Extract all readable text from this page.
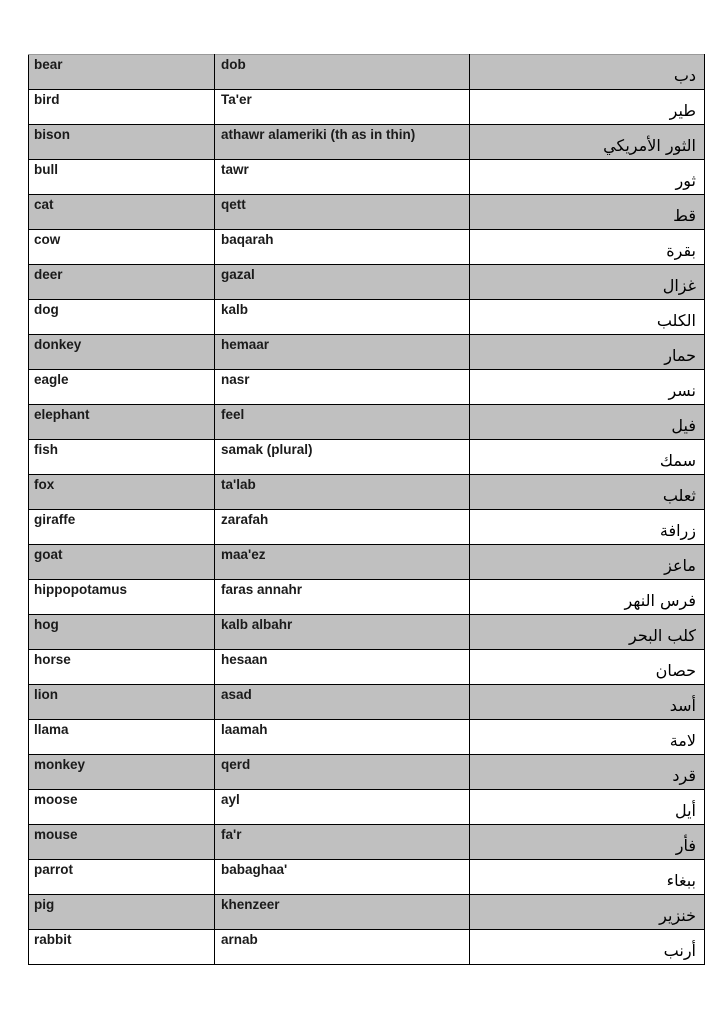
bear	dob	دب

bird	Ta'er	طير

bison	athawr alameriki (th as in thin)	الثور الأمريكي

bull	tawr	ثور

cat	qett	قط

cow	baqarah	بقرة

deer	gazal	غزال

dog	kalb	الكلب

donkey	hemaar	حمار

eagle	nasr	نسر

elephant	feel	فيل

fish	samak (plural)	سمك

fox	ta'lab	ثعلب

giraffe	zarafah	زرافة

goat	maa'ez	ماعز

hippopotamus	faras annahr	فرس النهر

hog	kalb albahr	كلب البحر

horse	hesaan	حصان

lion	asad	أسد

llama	laamah	لامة

monkey	qerd	قرد

moose	ayl	أيل

mouse	fa'r	فأر

parrot	babaghaa'	ببغاء

pig	khenzeer	خنزير

rabbit	arnab	أرنب
